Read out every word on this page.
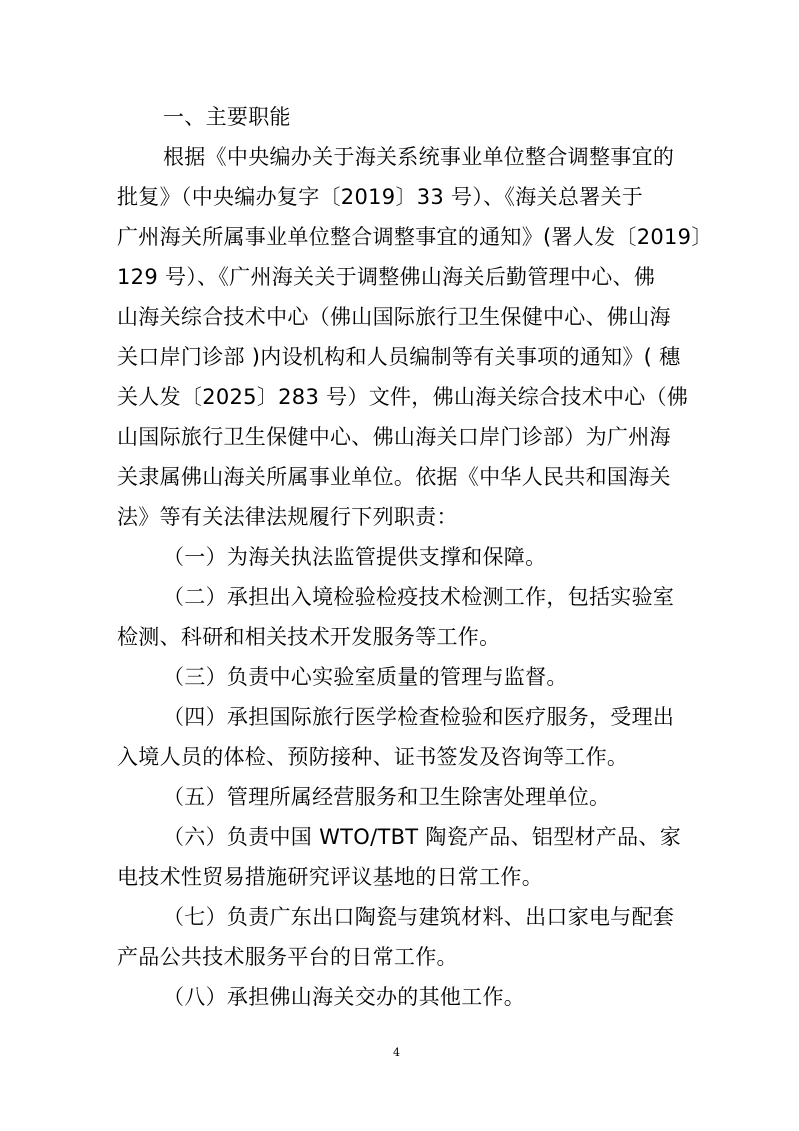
一、主要职能
根据《中央编办关于海关系统事业单位整合调整事宜的
批复》（中央编办复字〔2019〕33 号）、《海关总署关于
广州海关所属事业单位整合调整事宜的通知》(署人发〔2019〕
129 号）、《广州海关关于调整佛山海关后勤管理中心、佛
山海关综合技术中心（佛山国际旅行卫生保健中心、佛山海
关口岸门诊部 )内设机构和人员编制等有关事项的通知》( 穗
关人发〔2025〕283 号）文件，佛山海关综合技术中心（佛
山国际旅行卫生保健中心、佛山海关口岸门诊部）为广州海
关隶属佛山海关所属事业单位。依据《中华人民共和国海关
法》等有关法律法规履行下列职责：
（一）为海关执法监管提供支撑和保障。
（二）承担出入境检验检疫技术检测工作，包括实验室
检测、科研和相关技术开发服务等工作。
（三）负责中心实验室质量的管理与监督。
（四）承担国际旅行医学检查检验和医疗服务，受理出
入境人员的体检、预防接种、证书签发及咨询等工作。
（五）管理所属经营服务和卫生除害处理单位。
（六）负责中国 WTO/TBT 陶瓷产品、铝型材产品、家
电技术性贸易措施研究评议基地的日常工作。
（七）负责广东出口陶瓷与建筑材料、出口家电与配套
产品公共技术服务平台的日常工作。
（八）承担佛山海关交办的其他工作。
4
